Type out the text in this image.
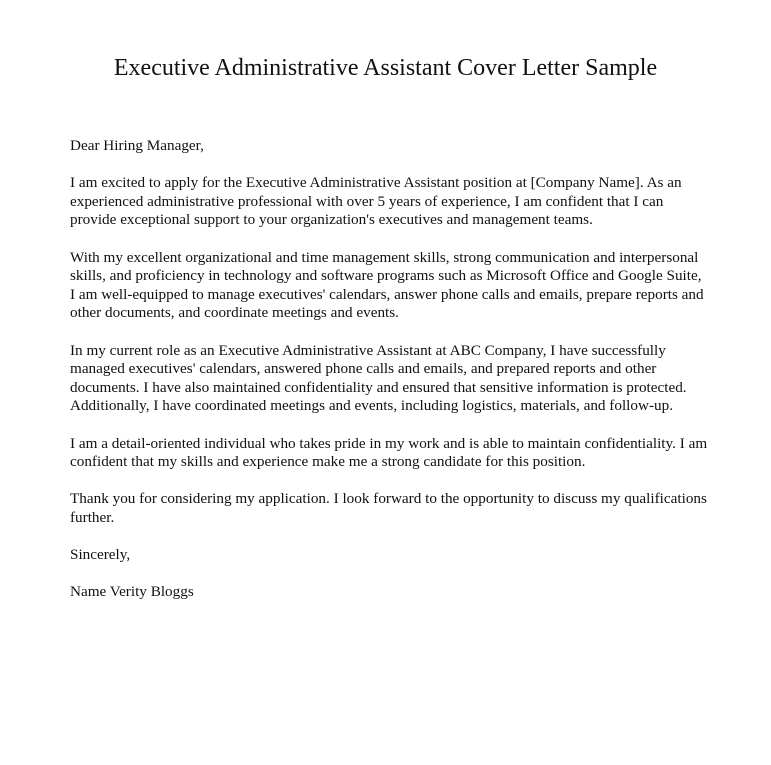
Executive Administrative Assistant Cover Letter Sample

Dear Hiring Manager,

I am excited to apply for the Executive Administrative Assistant position at [Company Name]. As an experienced administrative professional with over 5 years of experience, I am confident that I can provide exceptional support to your organization's executives and management teams.

With my excellent organizational and time management skills, strong communication and interpersonal skills, and proficiency in technology and software programs such as Microsoft Office and Google Suite, I am well-equipped to manage executives' calendars, answer phone calls and emails, prepare reports and other documents, and coordinate meetings and events.

In my current role as an Executive Administrative Assistant at ABC Company, I have successfully managed executives' calendars, answered phone calls and emails, and prepared reports and other documents. I have also maintained confidentiality and ensured that sensitive information is protected. Additionally, I have coordinated meetings and events, including logistics, materials, and follow-up.

I am a detail-oriented individual who takes pride in my work and is able to maintain confidentiality. I am confident that my skills and experience make me a strong candidate for this position.

Thank you for considering my application. I look forward to the opportunity to discuss my qualifications further.

Sincerely,

Name Verity Bloggs
